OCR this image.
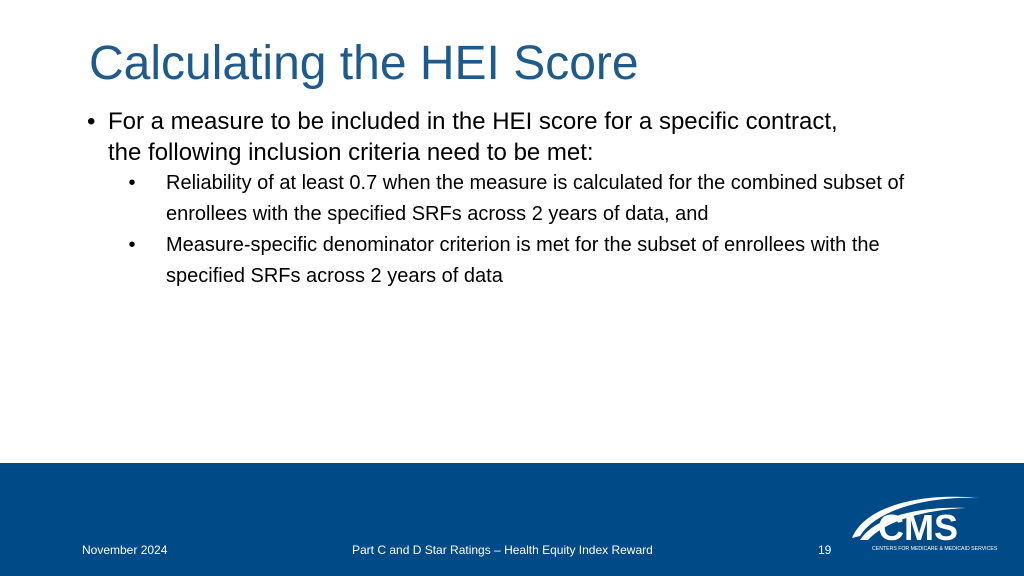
Calculating the HEI Score
• For a measure to be included in the HEI score for a specific contract, the following inclusion criteria need to be met:
• Reliability of at least 0.7 when the measure is calculated for the combined subset of enrollees with the specified SRFs across 2 years of data, and
• Measure-specific denominator criterion is met for the subset of enrollees with the specified SRFs across 2 years of data
November 2024	Part C and D Star Ratings – Health Equity Index Reward	19
CMS
CENTERS FOR MEDICARE & MEDICAID SERVICES
